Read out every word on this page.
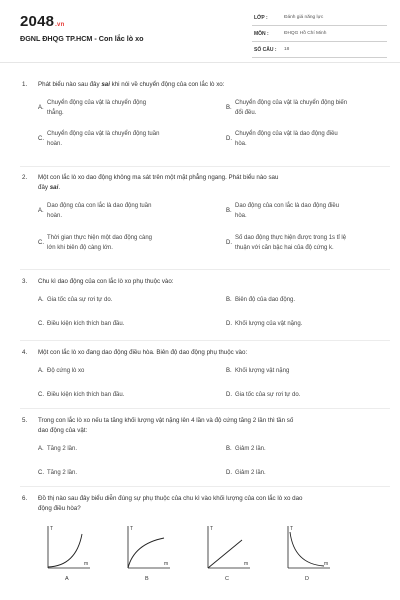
2048.vn
ĐGNL ĐHQG TP.HCM - Con lắc lò xo
LỚP :	Đánh giá năng lực
MÔN :	ĐHQG Hồ Chí Minh
SỐ CÂU : 18
1. Phát biểu nào sau đây sai khi nói về chuyển động của con lắc lò xo:
A.
Chuyển động của vật là chuyển động
thẳng.
B.
Chuyển động của vật là chuyển động biến
đổi đều.
C.
Chuyển động của vật là chuyển động tuần
hoàn.
D.
Chuyển động của vật là dao động điều
hòa.
2. Một con lắc lò xo dao động không ma sát trên một mặt phẳng ngang. Phát biểu nào sau
đây sai.
A.
Dao động của con lắc là dao động tuần
hoàn.
B.
Dao động của con lắc là dao động điều
hòa.
C.
Thời gian thực hiện một dao động càng
lớn khi biên độ càng lớn.
D.
Số dao động thực hiện được trong 1s tỉ lệ
thuận với căn bậc hai của độ cứng k.
3. Chu kì dao động của con lắc lò xo phụ thuộc vào:
A. Gia tốc của sự rơi tự do.	B. Biên độ của dao động.
C. Điều kiện kích thích ban đầu.	D. Khối lượng của vật nặng.
4. Một con lắc lò xo đang dao động điều hòa. Biên độ dao động phụ thuộc vào:
A. Độ cứng lò xo	B. Khối lượng vật nặng
C. Điều kiện kích thích ban đầu.	D. Gia tốc của sự rơi tự do.
5. Trong con lắc lò xo nếu ta tăng khối lượng vật nặng lên 4 lần và độ cứng tăng 2 lần thì tần số
dao động của vật:
A. Tăng 2 lần.	B. Giảm 2 lần.
C. Tăng 2 lần.	D. Giảm 2 lần.
6. Đồ thị nào sau đây biểu diễn đúng sự phụ thuộc của chu kì vào khối lượng của con lắc lò xo dao
động điều hòa?
T
m
A
T
m
B
T
m
C
T
m
D
